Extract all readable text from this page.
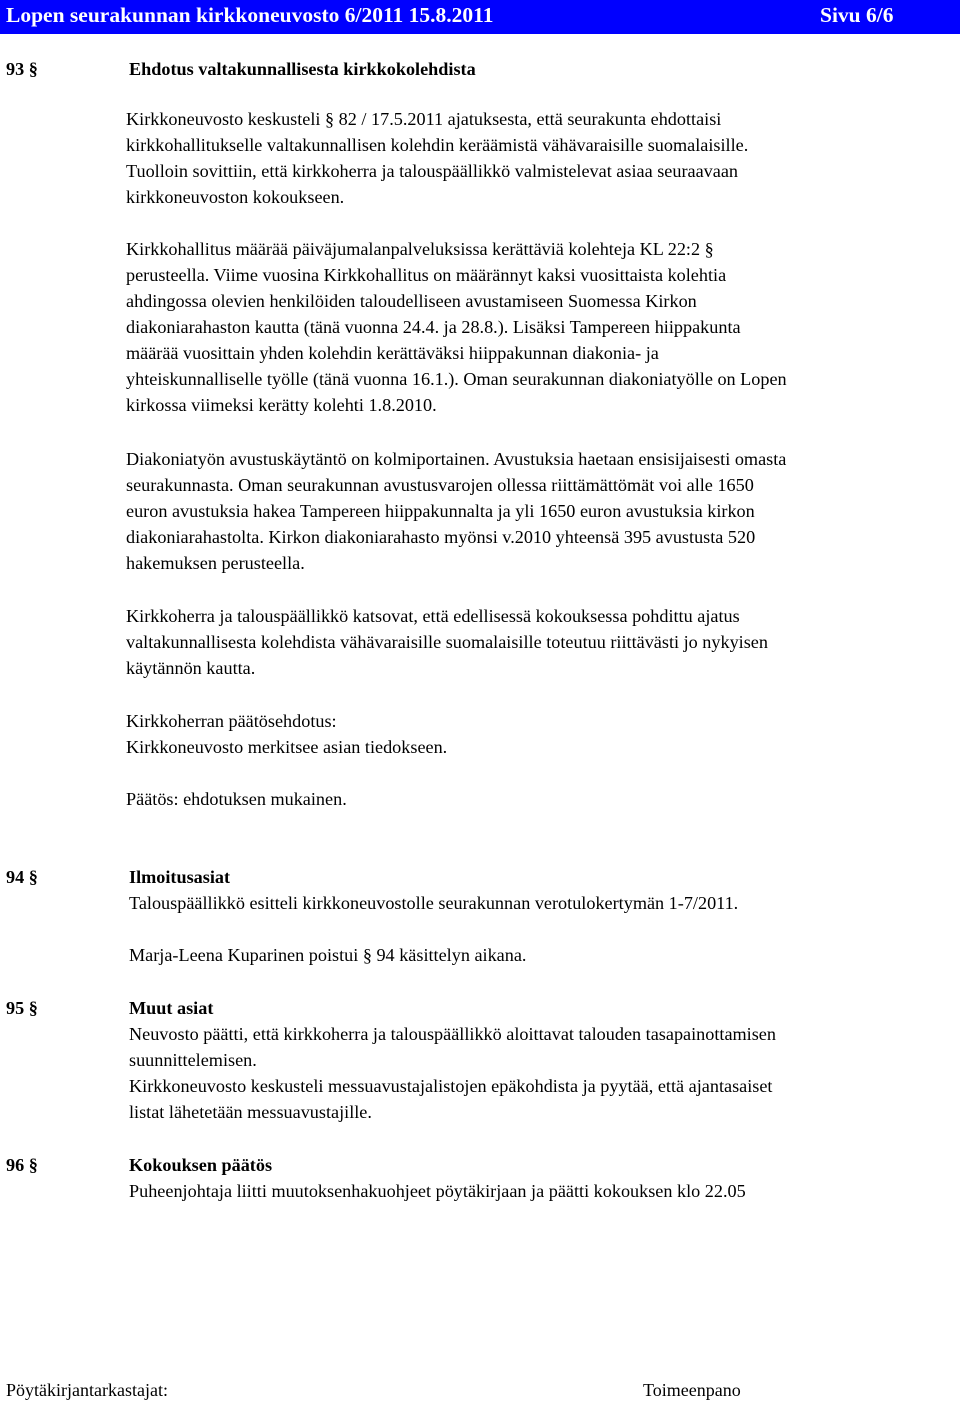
Lopen seurakunnan kirkkoneuvosto 6/2011 15.8.2011	Sivu 6/6
93 §	Ehdotus valtakunnallisesta kirkkokolehdista
Kirkkoneuvosto keskusteli § 82 / 17.5.2011 ajatuksesta, että seurakunta ehdottaisi
kirkkohallitukselle valtakunnallisen kolehdin keräämistä vähävaraisille suomalaisille.
Tuolloin sovittiin, että kirkkoherra ja talouspäällikkö valmistelevat asiaa seuraavaan
kirkkoneuvoston kokoukseen.
Kirkkohallitus määrää päiväjumalanpalveluksissa kerättäviä kolehteja KL 22:2 §
perusteella. Viime vuosina Kirkkohallitus on määrännyt kaksi vuosittaista kolehtia
ahdingossa olevien henkilöiden taloudelliseen avustamiseen Suomessa Kirkon
diakoniarahaston kautta (tänä vuonna 24.4. ja 28.8.). Lisäksi Tampereen hiippakunta
määrää vuosittain yhden kolehdin kerättäväksi hiippakunnan diakonia- ja
yhteiskunnalliselle työlle (tänä vuonna 16.1.). Oman seurakunnan diakoniatyölle on Lopen
kirkossa viimeksi kerätty kolehti 1.8.2010.
Diakoniatyön avustuskäytäntö on kolmiportainen. Avustuksia haetaan ensisijaisesti omasta
seurakunnasta. Oman seurakunnan avustusvarojen ollessa riittämättömät voi alle 1650
euron avustuksia hakea Tampereen hiippakunnalta ja yli 1650 euron avustuksia kirkon
diakoniarahastolta. Kirkon diakoniarahasto myönsi v.2010 yhteensä 395 avustusta 520
hakemuksen perusteella.
Kirkkoherra ja talouspäällikkö katsovat, että edellisessä kokouksessa pohdittu ajatus
valtakunnallisesta kolehdista vähävaraisille suomalaisille toteutuu riittävästi jo nykyisen
käytännön kautta.
Kirkkoherran päätösehdotus:
Kirkkoneuvosto merkitsee asian tiedokseen.
Päätös: ehdotuksen mukainen.
94 §	Ilmoitusasiat
Talouspäällikkö esitteli kirkkoneuvostolle seurakunnan verotulokertymän 1-7/2011.
Marja-Leena Kuparinen poistui § 94 käsittelyn aikana.
95 §	Muut asiat
Neuvosto päätti, että kirkkoherra ja talouspäällikkö aloittavat talouden tasapainottamisen
suunnittelemisen.
Kirkkoneuvosto keskusteli messuavustajalistojen epäkohdista ja pyytää, että ajantasaiset
listat lähetetään messuavustajille.
96 §	Kokouksen päätös
Puheenjohtaja liitti muutoksenhakuohjeet pöytäkirjaan ja päätti kokouksen klo 22.05
Pöytäkirjantarkastajat:	Toimeenpano
